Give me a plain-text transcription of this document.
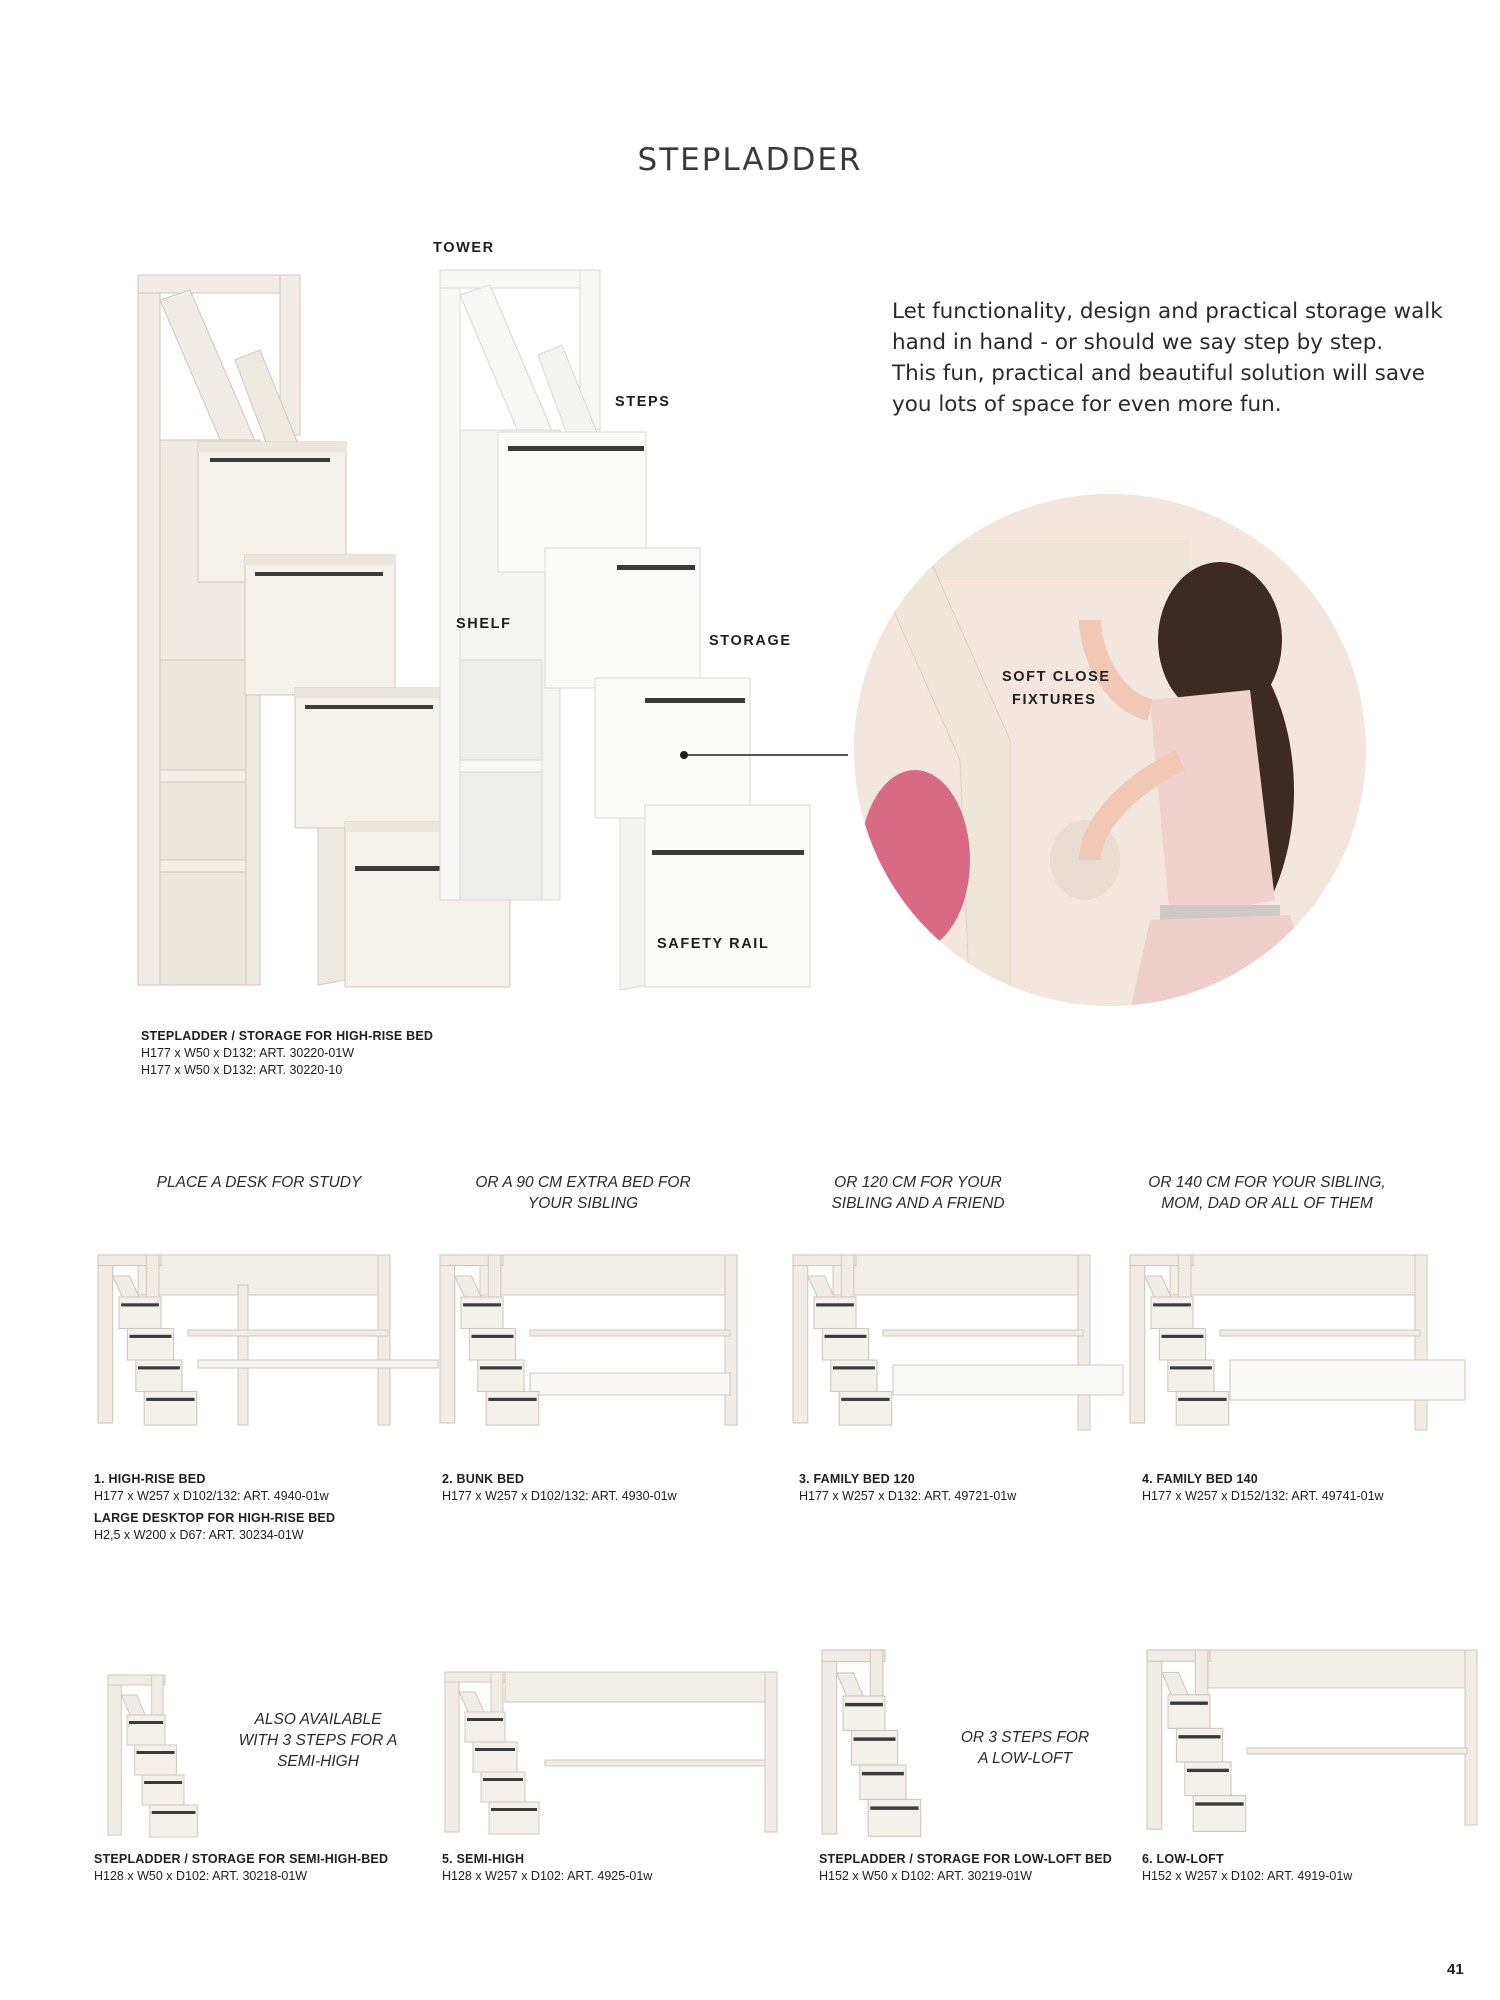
STEPLADDER
TOWER
STEPS
SHELF
STORAGE
SAFETY RAIL
SOFT CLOSE
FIXTURES
Let functionality, design and practical storage walk
hand in hand - or should we say step by step.
This fun, practical and beautiful solution will save
you lots of space for even more fun.
STEPLADDER / STORAGE FOR HIGH-RISE BED
H177 x W50 x D132: ART. 30220-01W
H177 x W50 x D132: ART. 30220-10
PLACE A DESK FOR STUDY	OR A 90 CM EXTRA BED FOR
YOUR SIBLING
OR 120 CM FOR YOUR
SIBLING AND A FRIEND
OR 140 CM FOR YOUR SIBLING,
MOM, DAD OR ALL OF THEM
1. HIGH-RISE BED
H177 x W257 x D102/132: ART. 4940-01w
LARGE DESKTOP FOR HIGH-RISE BED
H2,5 x W200 x D67: ART. 30234-01W
2. BUNK BED
H177 x W257 x D102/132: ART. 4930-01w
3. FAMILY BED 120
H177 x W257 x D132: ART. 49721-01w
4. FAMILY BED 140
H177 x W257 x D152/132: ART. 49741-01w
ALSO AVAILABLE
WITH 3 STEPS FOR A
SEMI-HIGH
OR 3 STEPS FOR
A LOW-LOFT
STEPLADDER / STORAGE FOR SEMI-HIGH-BED
H128 x W50 x D102: ART. 30218-01W
5. SEMI-HIGH
H128 x W257 x D102: ART. 4925-01w
STEPLADDER / STORAGE FOR LOW-LOFT BED
H152 x W50 x D102: ART. 30219-01W
6. LOW-LOFT
H152 x W257 x D102: ART. 4919-01w
41
